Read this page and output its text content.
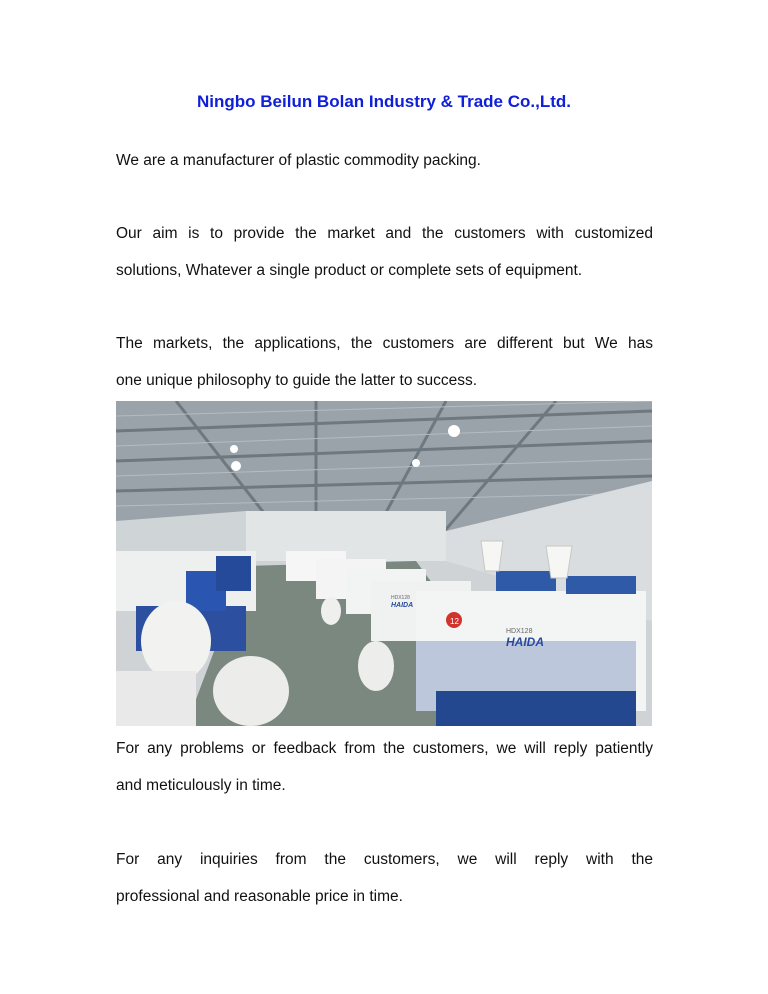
Ningbo Beilun Bolan Industry & Trade Co.,Ltd.
We are a manufacturer of plastic commodity packing.
Our aim is to provide the market and the customers with customized
solutions, Whatever a single product or complete sets of equipment.
The markets, the applications, the customers are different but We has
one unique philosophy to guide the latter to success.
HDX128
HAIDA
12
HDX128
HAIDA
For any problems or feedback from the customers, we will reply patiently
and meticulously in time.
For any inquiries from the customers, we will reply with the
professional and reasonable price in time.
